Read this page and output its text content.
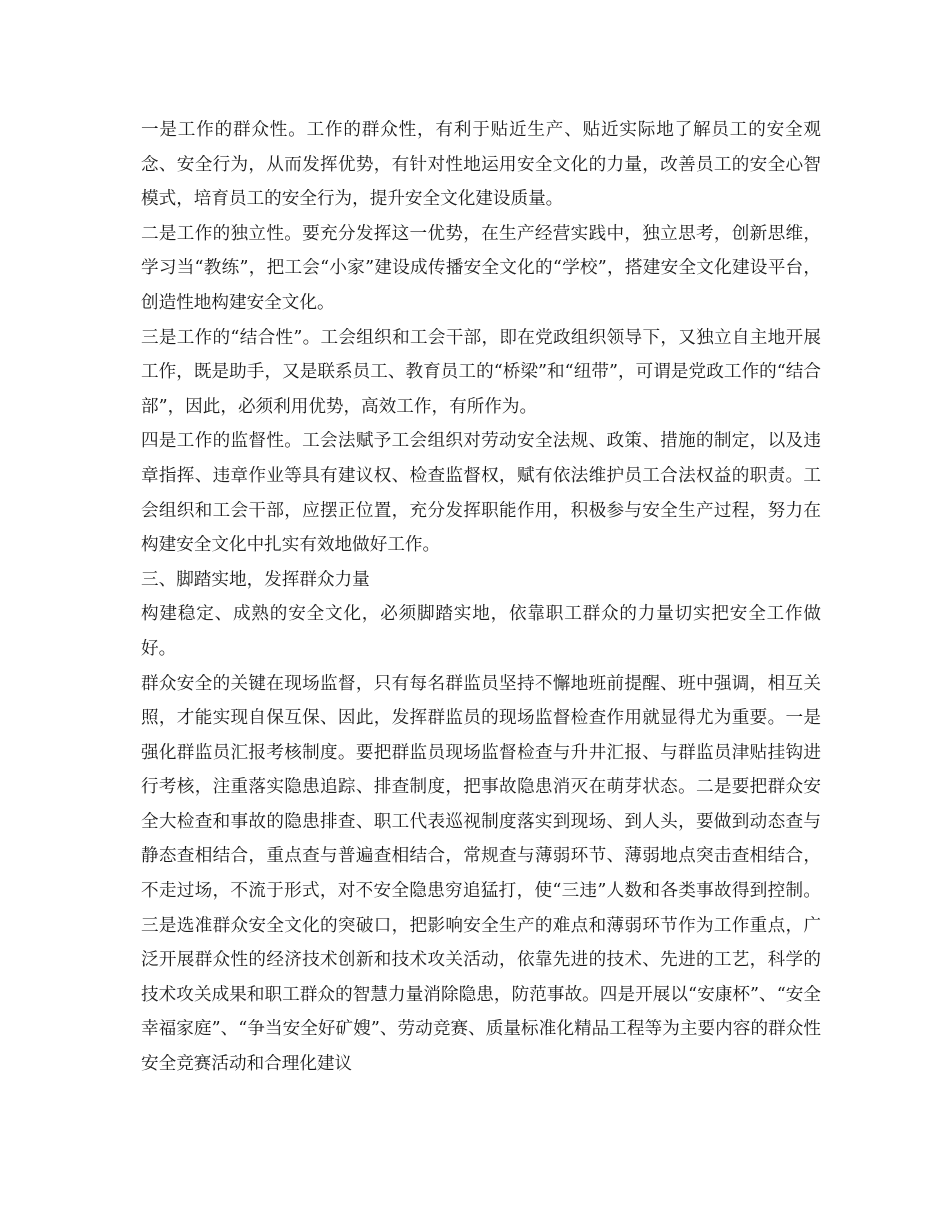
一是工作的群众性。工作的群众性，有利于贴近生产、贴近实际地了解员工的安全观念、安全行为，从而发挥优势，有针对性地运用安全文化的力量，改善员工的安全心智模式，培育员工的安全行为，提升安全文化建设质量。

二是工作的独立性。要充分发挥这一优势，在生产经营实践中，独立思考，创新思维，学习当“教练”，把工会“小家”建设成传播安全文化的“学校”，搭建安全文化建设平台，创造性地构建安全文化。

三是工作的“结合性”。工会组织和工会干部，即在党政组织领导下，又独立自主地开展工作，既是助手，又是联系员工、教育员工的“桥梁”和“纽带”，可谓是党政工作的“结合部”，因此，必须利用优势，高效工作，有所作为。

四是工作的监督性。工会法赋予工会组织对劳动安全法规、政策、措施的制定，以及违章指挥、违章作业等具有建议权、检查监督权，赋有依法维护员工合法权益的职责。工会组织和工会干部，应摆正位置，充分发挥职能作用，积极参与安全生产过程，努力在构建安全文化中扎实有效地做好工作。

三、脚踏实地，发挥群众力量

构建稳定、成熟的安全文化，必须脚踏实地，依靠职工群众的力量切实把安全工作做好。

群众安全的关键在现场监督，只有每名群监员坚持不懈地班前提醒、班中强调，相互关照，才能实现自保互保、因此，发挥群监员的现场监督检查作用就显得尤为重要。一是强化群监员汇报考核制度。要把群监员现场监督检查与升井汇报、与群监员津贴挂钩进行考核，注重落实隐患追踪、排查制度，把事故隐患消灭在萌芽状态。二是要把群众安全大检查和事故的隐患排查、职工代表巡视制度落实到现场、到人头，要做到动态查与静态查相结合，重点查与普遍查相结合，常规查与薄弱环节、薄弱地点突击查相结合，不走过场，不流于形式，对不安全隐患穷追猛打，使“三违”人数和各类事故得到控制。三是选准群众安全文化的突破口，把影响安全生产的难点和薄弱环节作为工作重点，广泛开展群众性的经济技术创新和技术攻关活动，依靠先进的技术、先进的工艺，科学的技术攻关成果和职工群众的智慧力量消除隐患，防范事故。四是开展以“安康杯”、“安全幸福家庭”、“争当安全好矿嫂”、劳动竞赛、质量标准化精品工程等为主要内容的群众性安全竞赛活动和合理化建议
